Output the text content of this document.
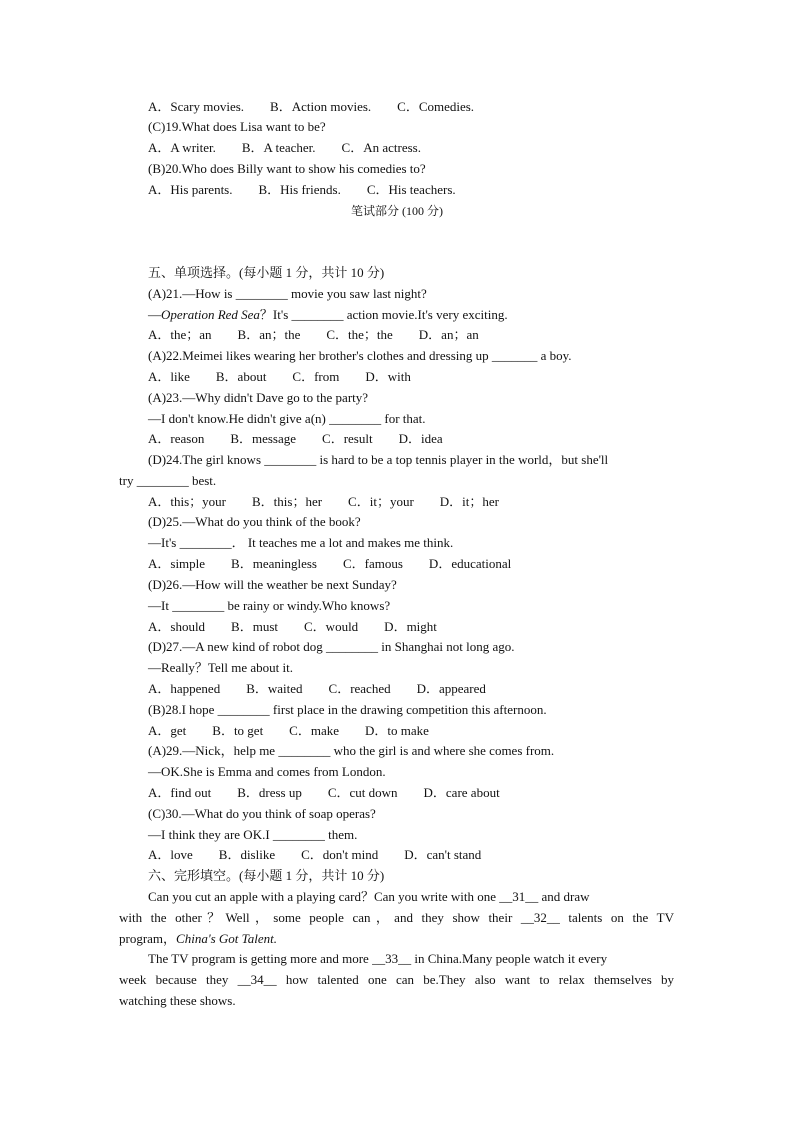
A．Scary movies.　　B．Action movies.　　C．Comedies.
(C)19.What does Lisa want to be?
A．A writer.　　B．A teacher.　　C．An actress.
(B)20.Who does Billy want to show his comedies to?
A．His parents.　　B．His friends.　　C．His teachers.
笔试部分 (100 分)
五、单项选择。(每小题 1 分，共计 10 分)
(A)21.—How is ________ movie you saw last night?
—Operation Red Sea？It's ________ action movie.It's very exciting.
A．the；an　　B．an；the　　C．the；the　　D．an；an
(A)22.Meimei likes wearing her brother's clothes and dressing up _______ a boy.
A．like　　B．about　　C．from　　D．with
(A)23.—Why didn't Dave go to the party?
—I don't know.He didn't give a(n) ________ for that.
A．reason　　B．message　　C．result　　D．idea
(D)24.The girl knows ________ is hard to be a top tennis player in the world，but she'll
try ________ best.
A．this；your　　B．this；her　　C．it；your　　D．it；her
(D)25.—What do you think of the book?
—It's ________． It teaches me a lot and makes me think.
A．simple　　B．meaningless　　C．famous　　D．educational
(D)26.—How will the weather be next Sunday?
—It ________ be rainy or windy.Who knows?
A．should　　B．must　　C．would　　D．might
(D)27.—A new kind of robot dog ________ in Shanghai not long ago.
—Really？Tell me about it.
A．happened　　B．waited　　C．reached　　D．appeared
(B)28.I hope ________ first place in the drawing competition this afternoon.
A．get　　B．to get　　C．make　　D．to make
(A)29.—Nick，help me ________ who the girl is and where she comes from.
—OK.She is Emma and comes from London.
A．find out　　B．dress up　　C．cut down　　D．care about
(C)30.—What do you think of soap operas?
—I think they are OK.I ________ them.
A．love　　B．dislike　　C．don't mind　　D．can't stand
六、完形填空。(每小题 1 分，共计 10 分)
Can you cut an apple with a playing card？Can you write with one __31__ and draw
with the other？Well，some people can，and they show their __32__ talents on the TV
program，China's Got Talent.
The TV program is getting more and more __33__ in China.Many people watch it every
week because they __34__ how talented one can be.They also want to relax themselves by
watching these shows.
